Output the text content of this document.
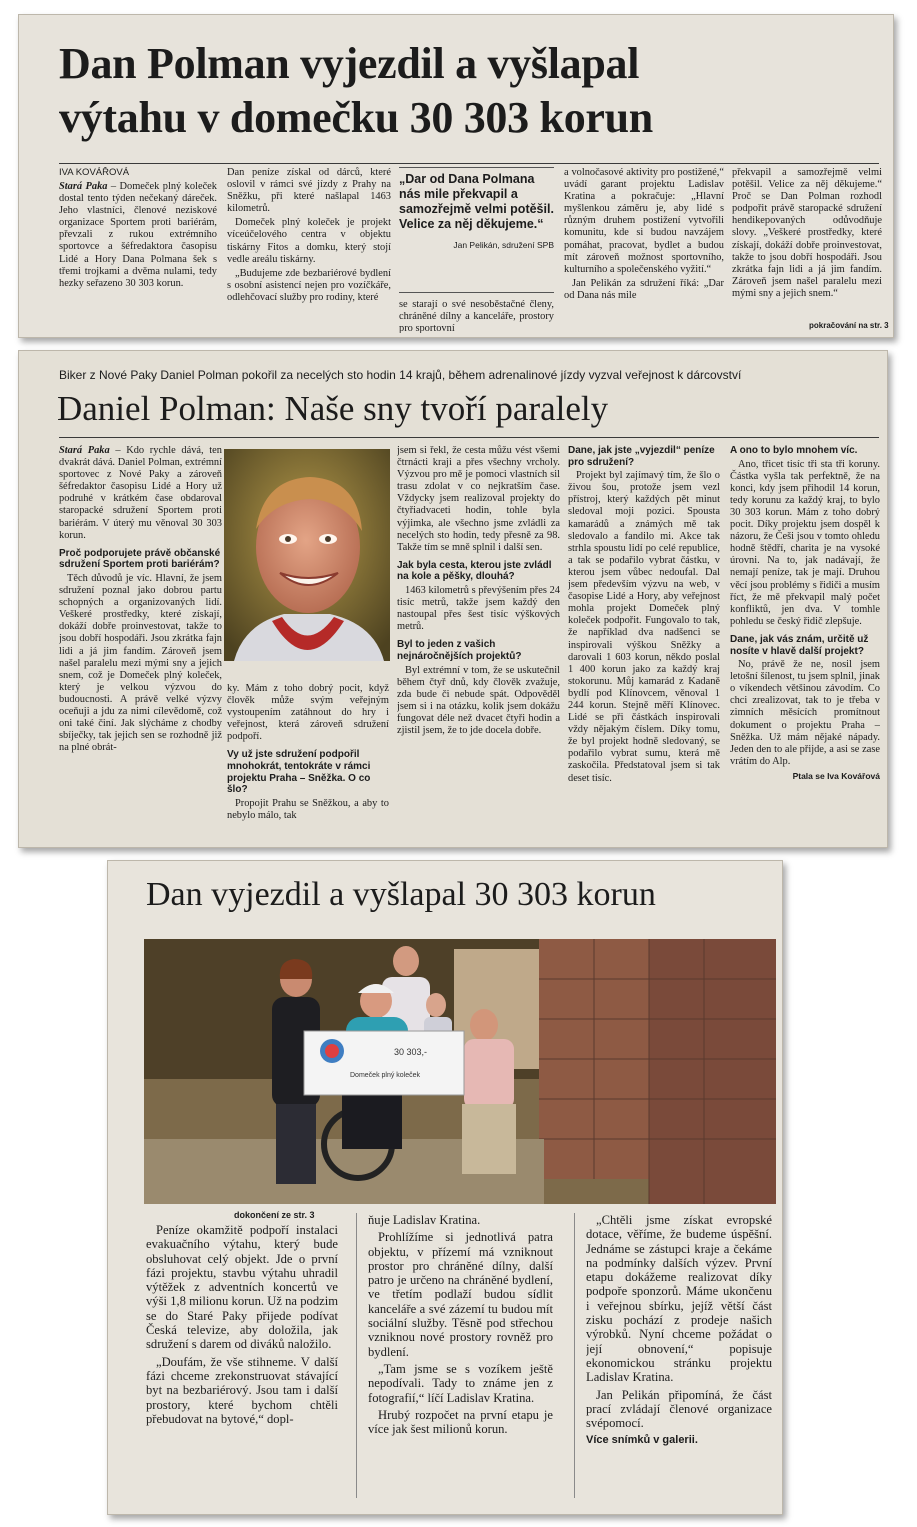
Dan Polman vyjezdil a vyšlapal
výtahu v domečku 30 303 korun
IVA KOVÁŘOVÁ

Stará Paka – Domeček plný koleček dostal tento týden nečekaný dáreček. Jeho vlastníci, členové neziskové organizace Sportem proti bariérám, převzali z rukou extrémního sportovce a šéfredaktora časopisu Lidé a Hory Dana Polmana šek s třemi trojkami a dvěma nulami, tedy hezky seřazeno 30 303 korun.

Dan peníze získal od dárců, které oslovil v rámci své jízdy z Prahy na Sněžku, při které našlapal 1463 kilometrů.

Domeček plný koleček je projekt víceúčelového centra v objektu tiskárny Fitos a domku, který stojí vedle areálu tiskárny.

„Budujeme zde bezbariérové bydlení s osobní asistencí nejen pro vozíčkáře, odlehčovací služby pro rodiny, které

„Dar od Dana Polmana nás mile překvapil a samozřejmě velmi potěšil. Velice za něj děkujeme.“
Jan Pelikán, sdružení SPB

se starají o své nesoběstačné členy, chráněné dílny a kanceláře, prostory pro sportovní

a volnočasové aktivity pro postižené,“ uvádí garant projektu Ladislav Kratina a pokračuje: „Hlavní myšlenkou záměru je, aby lidé s různým druhem postižení vytvořili komunitu, kde si budou navzájem pomáhat, pracovat, bydlet a budou mít zároveň možnost sportovního, kulturního a společenského vyžití.“

Jan Pelikán za sdružení říká: „Dar od Dana nás mile

překvapil a samozřejmě velmi potěšil. Velice za něj děkujeme.“ Proč se Dan Polman rozhodl podpořit právě staropacké sdružení hendikepovaných odůvodňuje slovy. „Veškeré prostředky, které získají, dokáží dobře proinvestovat, takže to jsou dobří hospodáři. Jsou zkrátka fajn lidi a já jim fandím. Zároveň jsem našel paralelu mezi mými sny a jejich snem.“

pokračování na str. 3
Biker z Nové Paky Daniel Polman pokořil za necelých sto hodin 14 krajů, během adrenalinové jízdy vyzval veřejnost k dárcovství
Daniel Polman: Naše sny tvoří paralely

Stará Paka – Kdo rychle dává, ten dvakrát dává. Daniel Polman, extrémní sportovec z Nové Paky a zároveň šéfredaktor časopisu Lidé a Hory už podruhé v krátkém čase obdaroval staropacké sdružení Sportem proti bariérám. V úterý mu věnoval 30 303 korun.

Proč podporujete právě občanské sdružení Sportem proti bariérám?

Těch důvodů je víc. Hlavní, že jsem sdružení poznal jako dobrou partu schopných a organizovaných lidí. Veškeré prostředky, které získají, dokáží dobře proinvestovat, takže to jsou dobří hospodáři. Jsou zkrátka fajn lidi a já jim fandím. Zároveň jsem našel paralelu mezi mými sny a jejich snem, což je Domeček plný koleček, který je velkou výzvou do budoucnosti. A právě velké výzvy oceňuji a jdu za nimi cílevědomě, což oni také činí. Jak slýcháme z chodby sbíječky, tak jejich sen se rozhodně již na plné obrát-

ky. Mám z toho dobrý pocit, když člověk může svým veřejným vystoupením zatáhnout do hry i veřejnost, která zároveň sdružení podpoří.

Vy už jste sdružení podpořil mnohokrát, tentokráte v rámci projektu Praha – Sněžka. O co šlo?

Propojit Prahu se Sněžkou, a aby to nebylo málo, tak

jsem si řekl, že cesta můžu vést všemi čtrnácti kraji a přes všechny vrcholy. Výzvou pro mě je pomoci vlastních sil trasu zdolat v co nejkratším čase. Vždycky jsem realizoval projekty do čtyřiadvaceti hodin, tohle byla výjimka, ale všechno jsme zvládli za necelých sto hodin, tedy přesně za 98. Takže tím se mně splnil i další sen.

Jak byla cesta, kterou jste zvládl na kole a pěšky, dlouhá?

1463 kilometrů s převýšením přes 24 tisíc metrů, takže jsem každý den nastoupal přes šest tisíc výškových metrů.

Byl to jeden z vašich nejnáročnějších projektů?

Byl extrémní v tom, že se uskutečnil během čtyř dnů, kdy člověk zvažuje, zda bude či nebude spát. Odpověděl jsem si i na otázku, kolik jsem dokážu fungovat déle než dvacet čtyři hodin a zjistil jsem, že to jde docela dobře.

Dane, jak jste „vyjezdil“ peníze pro sdružení?

Projekt byl zajímavý tím, že šlo o živou šou, protože jsem vezl přístroj, který každých pět minut sledoval moji pozici. Spousta kamarádů a známých mě tak sledovalo a fandilo mi. Akce tak strhla spoustu lidí po celé republice, a tak se podařilo vybrat částku, v kterou jsem vůbec nedoufal. Dal jsem především výzvu na web, v časopise Lidé a Hory, aby veřejnost mohla projekt Domeček plný koleček podpořit. Fungovalo to tak, že například dva nadšenci se inspirovali výškou Sněžky a darovali 1 603 korun, někdo poslal 1 400 korun jako za každý kraj stokorunu. Můj kamarád z Kadaně bydlí pod Klínovcem, věnoval 1 244 korun. Stejně měří Klínovec. Lidé se při částkách inspirovali vždy nějakým číslem. Díky tomu, že byl projekt hodně sledovaný, se podařilo vybrat sumu, která mě zaskočila. Předstatoval jsem si tak deset tisíc.

A ono to bylo mnohem víc.

Ano, třicet tisíc tři sta tři koruny. Částka vyšla tak perfektně, že na konci, kdy jsem přihodil 14 korun, tedy korunu za každý kraj, to bylo 30 303 korun. Mám z toho dobrý pocit. Díky projektu jsem dospěl k názoru, že Češi jsou v tomto ohledu hodně štědří, charita je na vysoké úrovni. Na to, jak nadávají, že nemají peníze, tak je mají. Druhou věcí jsou problémy s řidiči a musím říct, že mě překvapil malý počet konfliktů, jen dva. V tomhle pohledu se český řidič zlepšuje.

Dane, jak vás znám, určitě už nosíte v hlavě další projekt?

No, právě že ne, nosil jsem letošní šílenost, tu jsem splnil, jinak o víkendech většinou závodím. Co chci zrealizovat, tak to je třeba v zimních měsících promítnout dokument o projektu Praha – Sněžka. Už mám nějaké nápady. Jeden den to ale přijde, a asi se zase vrátím do Alp.

Ptala se Iva Kovářová
Dan vyjezdil a vyšlapal 30 303 korun
Domeček plný koleček
30 303,-
dokončení ze str. 3

Peníze okamžitě podpoří instalaci evakuačního výtahu, který bude obsluhovat celý objekt. Jde o první fázi projektu, stavbu výtahu uhradil výtěžek z adventních koncertů ve výši 1,8 milionu korun. Už na podzim se do Staré Paky přijede podívat Česká televize, aby doložila, jak sdružení s darem od diváků naložilo.

„Doufám, že vše stihneme. V další fázi chceme zrekonstruovat stávající byt na bezbariérový. Jsou tam i další prostory, které bychom chtěli přebudovat na bytové,“ dopl-

ňuje Ladislav Kratina.

Prohlížíme si jednotlivá patra objektu, v přízemí má vzniknout prostor pro chráněné dílny, další patro je určeno na chráněné bydlení, ve třetím podlaží budou sídlit kanceláře a své zázemí tu budou mít sociální služby. Těsně pod střechou vzniknou nové prostory rovněž pro bydlení.

„Tam jsme se s vozíkem ještě nepodívali. Tady to známe jen z fotografií,“ líčí Ladislav Kratina.

Hrubý rozpočet na první etapu je více jak šest milionů korun.

„Chtěli jsme získat evropské dotace, věříme, že budeme úspěšní. Jednáme se zástupci kraje a čekáme na podmínky dalších výzev. První etapu dokážeme realizovat díky podpoře sponzorů. Máme ukončenu i veřejnou sbírku, jejíž větší část zisku pochází z prodeje našich výrobků. Nyní chceme požádat o její obnovení,“ popisuje ekonomickou stránku projektu Ladislav Kratina.

Jan Pelikán připomíná, že část prací zvládají členové organizace svépomocí.

Více snímků v galerii.
